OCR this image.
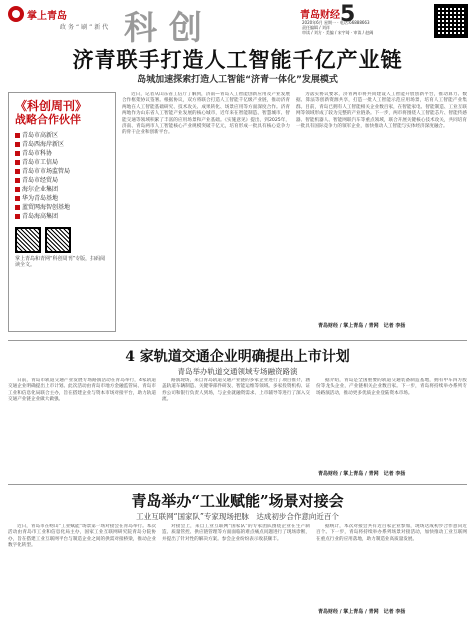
掌上青岛
政务“刷”新代 科创	青岛财经 5
2020年6月 星期一 · 电话:66888663
责任编辑 / 刘祥
审读 / 刘方 · 美编 / 宋宇琦 · 审读 / 赵阔
济青联手打造人工智能千亿产业链
岛城加速探索打造人工智能“济青一体化”发展模式
《科创周刊》
战略合作伙伴
青岛市高新区
青岛西海岸新区
青岛市科协
青岛市工信局
青岛市市场监管局
青岛市经贸局
海尔企业集团
华为青岛基地
蓝贸网海智创基地
青岛海高集团
掌上青岛和青网“科创周刊”专版，扫码阅读全文。
近日，记者从山东省工信厅了解到，济南—青岛人工智能创新应用及产业发展合作框架协议签署。根据协议，双方将联合打造人工智能千亿级产业链，推动济青两地在人工智能基础研究、技术攻关、成果转化、场景应用等方面深度合作。济青两地作为山东省人工智能产业发展的核心城市，近年来在智能制造、智慧城市、智能交通等领域积累了丰富的应用场景和产业基础。《实施意见》提出，到2025年，济南、青岛两市人工智能核心产业规模突破千亿元，培育形成一批具有核心竞争力的骨干企业和创新平台。
为落实协议要求，济青两市将共同建设人工智能开放创新平台，推动算力、数据、算法等创新资源共享，打造一批人工智能示范应用场景，培育人工智能产业集群。目前，青岛已拥有人工智能相关企业数百家，在智能家电、智能制造、工业互联网等领域形成了较为完整的产业链条。下一步，两市将围绕人工智能芯片、智能传感器、智能机器人、智能网联汽车等重点领域，联合开展关键核心技术攻关，共同培育一批具有国际竞争力的领军企业，加快推动人工智能与实体经济深度融合。
青岛财经 / 掌上青岛 / 青网　记者 李扬
4 家轨道交通企业明确提出上市计划
青岛举办轨道交通领域专场融资路演
日前，青岛市轨道交通产业发展专场路演活动在青岛举行，4家轨道交通企业明确提出上市计划。此次活动由青岛市地方金融监管局、青岛市工业和信息化局联合主办，旨在搭建企业与资本市场对接平台，助力轨道交通产业链企业做大做强。
路演现场，来自青岛轨道交通产业链的多家企业进行了项目推介，涵盖轨道车辆制造、关键零部件研发、智能运维等领域。多家投资机构、证券公司和银行负责人到场，与企业就融资需求、上市辅导等进行了深入交流。
据介绍，青岛是全国重要的轨道交通装备制造基地，拥有中车四方股份等龙头企业，产业链相关企业数百家。下一步，青岛将持续举办系列专场路演活动，推动更多优质企业登陆资本市场。
青岛财经 / 掌上青岛 / 青网　记者 李扬
青岛举办“工业赋能”场景对接会
工业互联网“国家队”专家现场把脉　达成初步合作意向近百个
近日，青岛市在崂山“工业赋能”场景第一场对接会在青岛举行。本次活动由青岛市工业和信息化局主办，国家工业互联网研究院青岛分院协办，旨在搭建工业互联网平台与制造企业之间的供需对接桥梁，推动企业数字化转型。
对接会上，来自工业互联网“国家队”的专家团队围绕企业在生产制造、质量管控、供应链管理等方面面临的难点痛点问题进行了现场诊断，并提出了针对性的解决方案。参会企业纷纷表示收获颇丰。
据统计，本次对接会共有近百家企业参加，现场达成初步合作意向近百个。下一步，青岛将持续举办系列场景对接活动，加快推动工业互联网在重点行业的应用落地，助力制造业高质量发展。
青岛财经 / 掌上青岛 / 青网　记者 李扬
